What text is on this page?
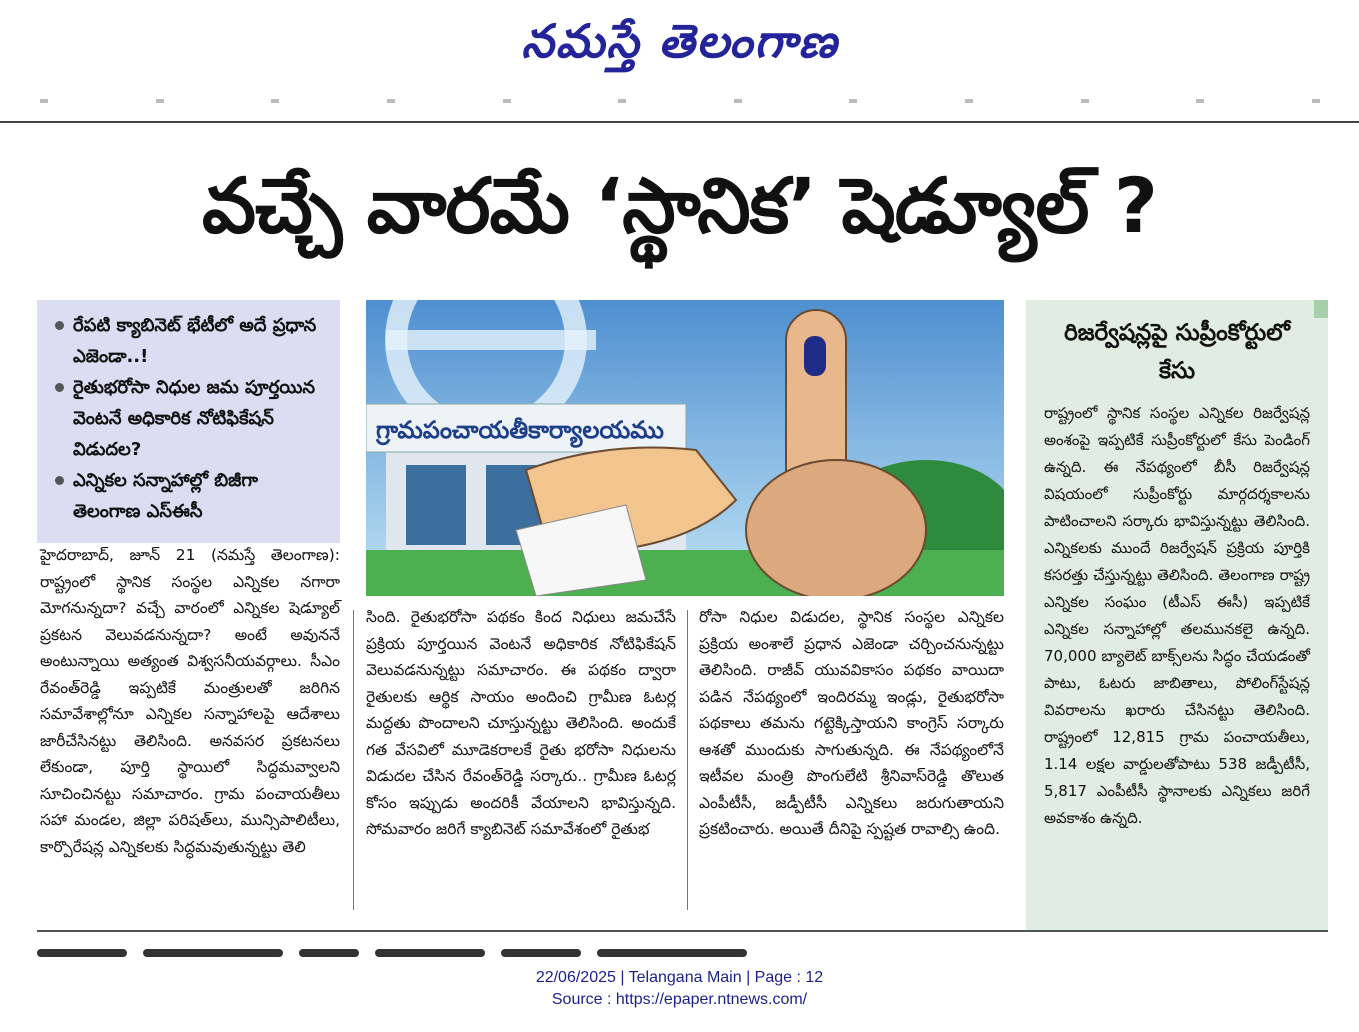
నమస్తే తెలంగాణ
వచ్చే వారమే ‘స్థానిక’ షెడ్యూల్ ?
రేపటి క్యాబినెట్ భేటీలో అదే ప్రధాన ఎజెండా..!
రైతుభరోసా నిధుల జమ పూర్తయిన వెంటనే అధికారిక నోటిఫికేషన్ విడుదల?
ఎన్నికల సన్నాహాల్లో బిజీగా తెలంగాణ ఎస్ఈసీ
గ్రామపంచాయతీకార్యాలయము
హైదరాబాద్, జూన్ 21 (నమస్తే తెలంగాణ): రాష్ట్రంలో స్థానిక సంస్థల ఎన్నికల నగారా మోగనున్నదా? వచ్చే వారంలో ఎన్నికల షెడ్యూల్ ప్రకటన వెలువడనున్నదా? అంటే అవుననే అంటున్నాయి అత్యంత విశ్వసనీయవర్గాలు. సీఎం రేవంత్‌రెడ్డి ఇప్పటికే మంత్రులతో జరిగిన సమావేశాల్లోనూ ఎన్నికల సన్నాహాలపై ఆదేశాలు జారీచేసినట్టు తెలిసింది. అనవసర ప్రకటనలు లేకుండా, పూర్తి స్థాయిలో సిద్ధమవ్వాలని సూచించినట్టు సమాచారం. గ్రామ పంచాయతీలు సహా మండల, జిల్లా పరిషత్‌లు, మున్సిపాలిటీలు, కార్పొరేషన్ల ఎన్నికలకు సిద్ధమవుతున్నట్టు తెలి
సింది. రైతుభరోసా పథకం కింద నిధులు జమచేసే ప్రక్రియ పూర్తయిన వెంటనే అధికారిక నోటిఫికేషన్ వెలువడనున్నట్టు సమాచారం. ఈ పథకం ద్వారా రైతులకు ఆర్థిక సాయం అందించి గ్రామీణ ఓటర్ల మద్దతు పొందాలని చూస్తున్నట్టు తెలిసింది. అందుకే గత వేసవిలో మూడెకరాలకే రైతు భరోసా నిధులను విడుదల చేసిన రేవంత్‌రెడ్డి సర్కారు.. గ్రామీణ ఓటర్ల కోసం ఇప్పుడు అందరికీ వేయాలని భావిస్తున్నది. సోమవారం జరిగే క్యాబినెట్ సమావేశంలో రైతుభ
రోసా నిధుల విడుదల, స్థానిక సంస్థల ఎన్నికల ప్రక్రియ అంశాలే ప్రధాన ఎజెండా చర్చించనున్నట్టు తెలిసింది. రాజీవ్ యువవికాసం పథకం వాయిదా పడిన నేపథ్యంలో ఇందిరమ్మ ఇండ్లు, రైతుభరోసా పథకాలు తమను గట్టెక్కిస్తాయని కాంగ్రెస్ సర్కారు ఆశతో ముందుకు సాగుతున్నది. ఈ నేపథ్యంలోనే ఇటీవల మంత్రి పొంగులేటి శ్రీనివాస్‌రెడ్డి తొలుత ఎంపీటీసీ, జడ్పీటీసీ ఎన్నికలు జరుగుతాయని ప్రకటించారు. అయితే దీనిపై స్పష్టత రావాల్సి ఉంది.
రిజర్వేషన్లపై సుప్రీంకోర్టులో కేసు
రాష్ట్రంలో స్థానిక సంస్థల ఎన్నికల రిజర్వేషన్ల అంశంపై ఇప్పటికే సుప్రీంకోర్టులో కేసు పెండింగ్ ఉన్నది. ఈ నేపథ్యంలో బీసీ రిజర్వేషన్ల విషయంలో సుప్రీంకోర్టు మార్గదర్శకాలను పాటించాలని సర్కారు భావిస్తున్నట్టు తెలిసింది. ఎన్నికలకు ముందే రిజర్వేషన్ ప్రక్రియ పూర్తికి కసరత్తు చేస్తున్నట్టు తెలిసింది. తెలంగాణ రాష్ట్ర ఎన్నికల సంఘం (టీఎస్ ఈసీ) ఇప్పటికే ఎన్నికల సన్నాహాల్లో తలమునకలై ఉన్నది. 70,000 బ్యాలెట్ బాక్స్‌లను సిద్ధం చేయడంతో పాటు, ఓటరు జాబితాలు, పోలింగ్‌స్టేషన్ల వివరాలను ఖరారు చేసినట్టు తెలిసింది. రాష్ట్రంలో 12,815 గ్రామ పంచాయతీలు, 1.14 లక్షల వార్డులతోపాటు 538 జడ్పీటీసీ, 5,817 ఎంపీటీసీ స్థానాలకు ఎన్నికలు జరిగే అవకాశం ఉన్నది.
22/06/2025 | Telangana Main | Page : 12
Source : https://epaper.ntnews.com/
